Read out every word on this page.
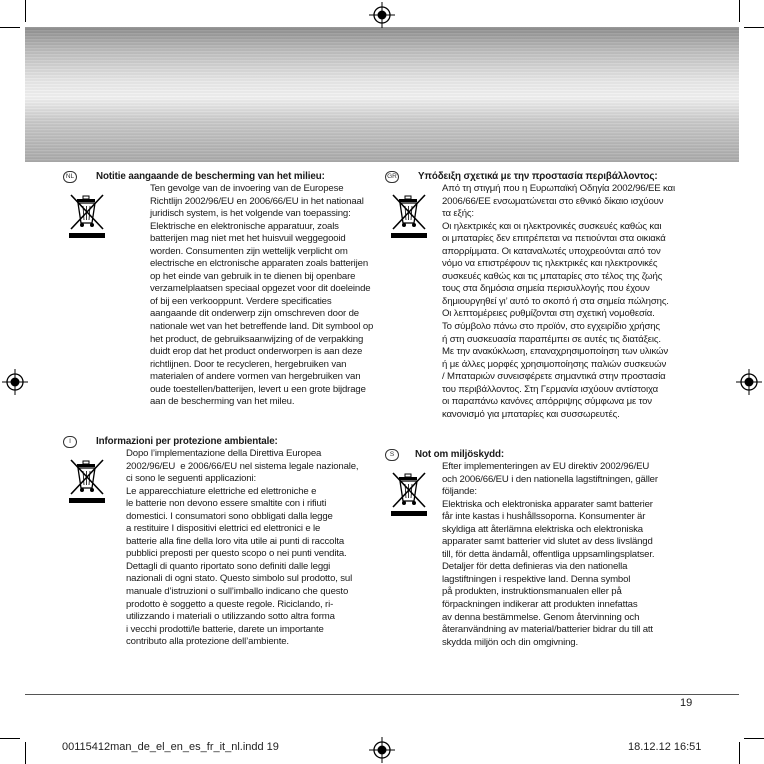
NL Notitie aangaande de bescherming van het milieu:

Ten gevolge van de invoering van de Europese
Richtlijn 2002/96/EU en 2006/66/EU in het nationaal
juridisch system, is het volgende van toepassing:
Elektrische en elektronische apparatuur, zoals
batterijen mag niet met het huisvuil weggegooid
worden. Consumenten zijn wettelijk verplicht om
electrische en elctronische apparaten zoals batterijen
op het einde van gebruik in te dienen bij openbare
verzamelplaatsen speciaal opgezet voor dit doeleinde
of bij een verkooppunt. Verdere specificaties
aangaande dit onderwerp zijn omschreven door de
nationale wet van het betreffende land. Dit symbool op
het product, de gebruiksaanwijzing of de verpakking
duidt erop dat het product onderworpen is aan deze
richtlijnen. Door te recycleren, hergebruiken van
materialen of andere vormen van hergebruiken van
oude toestellen/batterijen, levert u een grote bijdrage
aan de bescherming van het mileu.

I	Informazioni per protezione ambientale:

Dopo l’implementazione della Direttiva Europea
2002/96/EU  e 2006/66/EU nel sistema legale nazionale,
ci sono le seguenti applicazioni:
Le apparecchiature elettriche ed elettroniche e
le batterie non devono essere smaltite con i rifiuti
domestici. I consumatori sono obbligati dalla legge
a restituire I dispositivi elettrici ed elettronici e le
batterie alla fine della loro vita utile ai punti di raccolta
pubblici preposti per questo scopo o nei punti vendita.
Dettagli di quanto riportato sono definiti dalle leggi
nazionali di ogni stato. Questo simbolo sul prodotto, sul
manuale d’istruzioni o sull’imballo indicano che questo
prodotto è soggetto a queste regole. Riciclando, ri-
utilizzando i materiali o utilizzando sotto altra forma
i vecchi prodotti/le batterie, darete un importante
contributo alla protezione dell’ambiente.

GR Υπόδειξη σχετικά με την προστασία περιβάλλοντος:

Από τη στιγμή που η Ευρωπαϊκή Οδηγία 2002/96/ΕE και
2006/66/EE ενσωματώνεται στο εθνικό δίκαιο ισχύουν
τα εξής:
Οι ηλεκτρικές και οι ηλεκτρονικές συσκευές καθώς και
οι μπαταρίες δεν επιτρέπεται να πετιούνται στα οικιακά
απορρίμματα. Οι καταναλωτές υποχρεούνται από τον
νόμο να επιστρέφουν τις ηλεκτρικές και ηλεκτρονικές
συσκευές καθώς και τις μπαταρίες στο τέλος της ζωής
τους στα δημόσια σημεία περισυλλογής που έχουν
δημιουργηθεί γι’ αυτό το σκοπό ή στα σημεία πώλησης.
Οι λεπτομέρειες ρυθμίζονται στη σχετική νομοθεσία.
Το σύμβολο πάνω στο προϊόν, στο εγχειρίδιο χρήσης
ή στη συσκευασία παραπέμπει σε αυτές τις διατάξεις.
Με την ανακύκλωση, επαναχρησιμοποίηση των υλικών
ή με άλλες μορφές χρησιμοποίησης παλιών συσκευών
/ Μπαταριών συνεισφέρετε σημαντικά στην προστασία
του περιβάλλοντος. Στη Γερμανία ισχύουν αντίστοιχα
οι παραπάνω κανόνες απόρριψης σύμφωνα με τον
κανονισμό για μπαταρίες και συσσωρευτές.

S	Not om miljöskydd:

Efter implementeringen av EU direktiv 2002/96/EU
och 2006/66/EU i den nationella lagstiftningen, gäller
följande:
Elektriska och elektroniska apparater samt batterier
får inte kastas i hushållssoporna. Konsumenter är
skyldiga att återlämna elektriska och elektroniska
apparater samt batterier vid slutet av dess livslängd
till, för detta ändamål, offentliga uppsamlingsplatser.
Detaljer för detta definieras via den nationella
lagstiftningen i respektive land. Denna symbol
på produkten, instruktionsmanualen eller på
förpackningen indikerar att produkten innefattas
av denna bestämmelse. Genom återvinning och
återanvändning av material/batterier bidrar du till att
skydda miljön och din omgivning.

19
00115412man_de_el_en_es_fr_it_nl.indd 19	18.12.12 16:51
